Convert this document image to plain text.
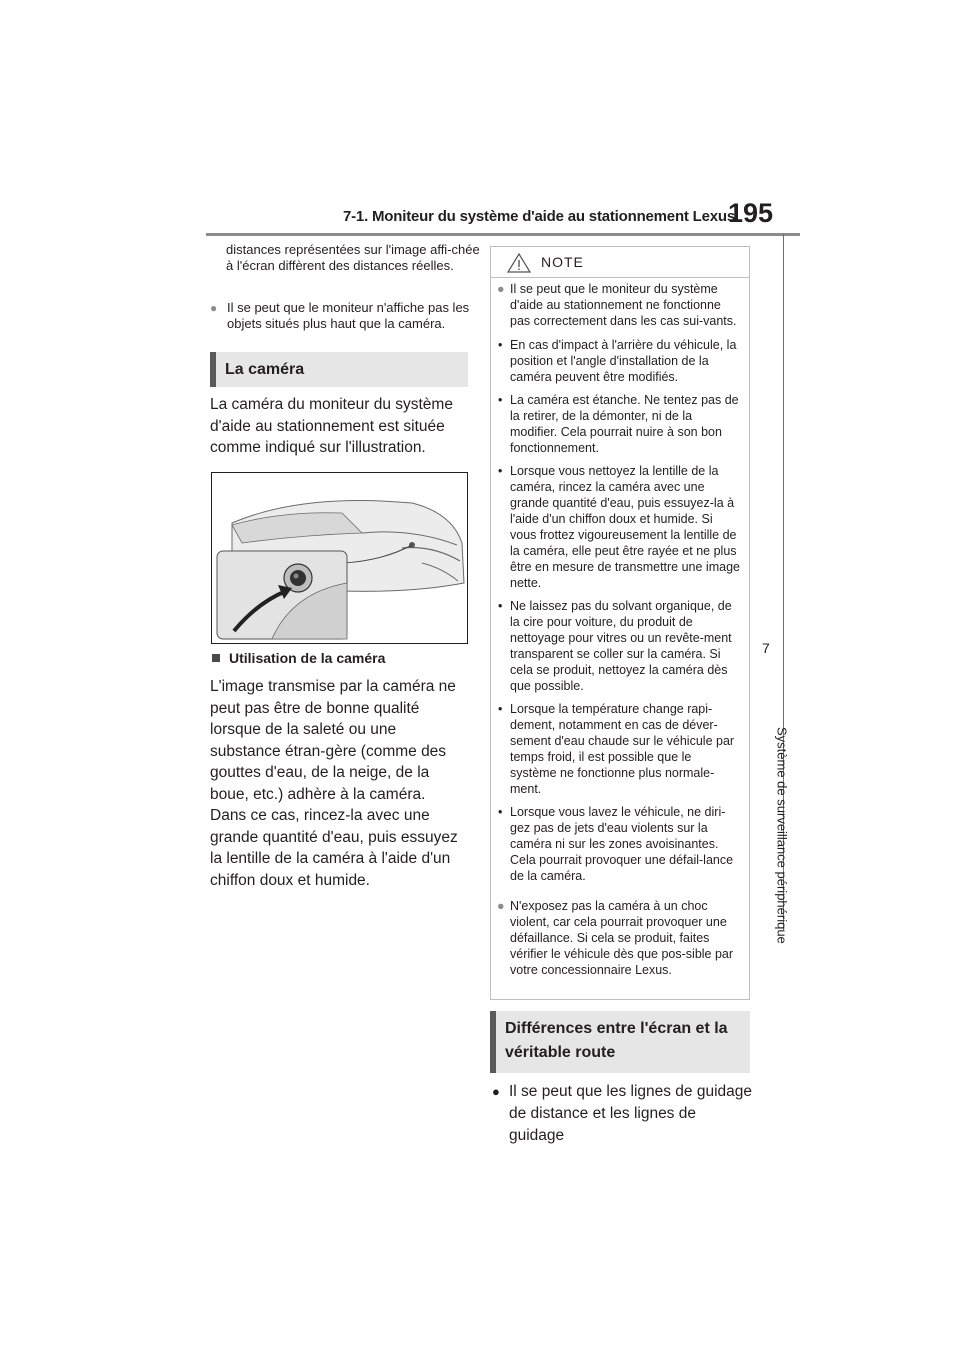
7-1. Moniteur du système d'aide au stationnement Lexus
195
7
Système de surveillance périphérique
distances représentées sur l'image affi-chée à l'écran diffèrent des distances réelles.
● Il se peut que le moniteur n'affiche pas les objets situés plus haut que la caméra.
La caméra
La caméra du moniteur du système d'aide au stationnement est située comme indiqué sur l'illustration.
Utilisation de la caméra
L'image transmise par la caméra ne peut pas être de bonne qualité lorsque de la saleté ou une substance étran-gère (comme des gouttes d'eau, de la neige, de la boue, etc.) adhère à la caméra. Dans ce cas, rincez-la avec une grande quantité d'eau, puis essuyez la lentille de la caméra à l'aide d'un chiffon doux et humide.
NOTE
● Il se peut que le moniteur du système d'aide au stationnement ne fonctionne pas correctement dans les cas sui-vants.
• En cas d'impact à l'arrière du véhicule, la position et l'angle d'installation de la caméra peuvent être modifiés.
• La caméra est étanche. Ne tentez pas de la retirer, de la démonter, ni de la modifier. Cela pourrait nuire à son bon fonctionnement.
• Lorsque vous nettoyez la lentille de la caméra, rincez la caméra avec une grande quantité d'eau, puis essuyez-la à l'aide d'un chiffon doux et humide. Si vous frottez vigoureusement la lentille de la caméra, elle peut être rayée et ne plus être en mesure de transmettre une image nette.
• Ne laissez pas du solvant organique, de la cire pour voiture, du produit de nettoyage pour vitres ou un revête-ment transparent se coller sur la caméra. Si cela se produit, nettoyez la caméra dès que possible.
• Lorsque la température change rapi-dement, notamment en cas de déver-sement d'eau chaude sur le véhicule par temps froid, il est possible que le système ne fonctionne plus normale-ment.
• Lorsque vous lavez le véhicule, ne diri-gez pas de jets d'eau violents sur la caméra ni sur les zones avoisinantes. Cela pourrait provoquer une défail-lance de la caméra.
● N'exposez pas la caméra à un choc violent, car cela pourrait provoquer une défaillance. Si cela se produit, faites vérifier le véhicule dès que pos-sible par votre concessionnaire Lexus.
Différences entre l'écran et la véritable route
● Il se peut que les lignes de guidage de distance et les lignes de guidage
